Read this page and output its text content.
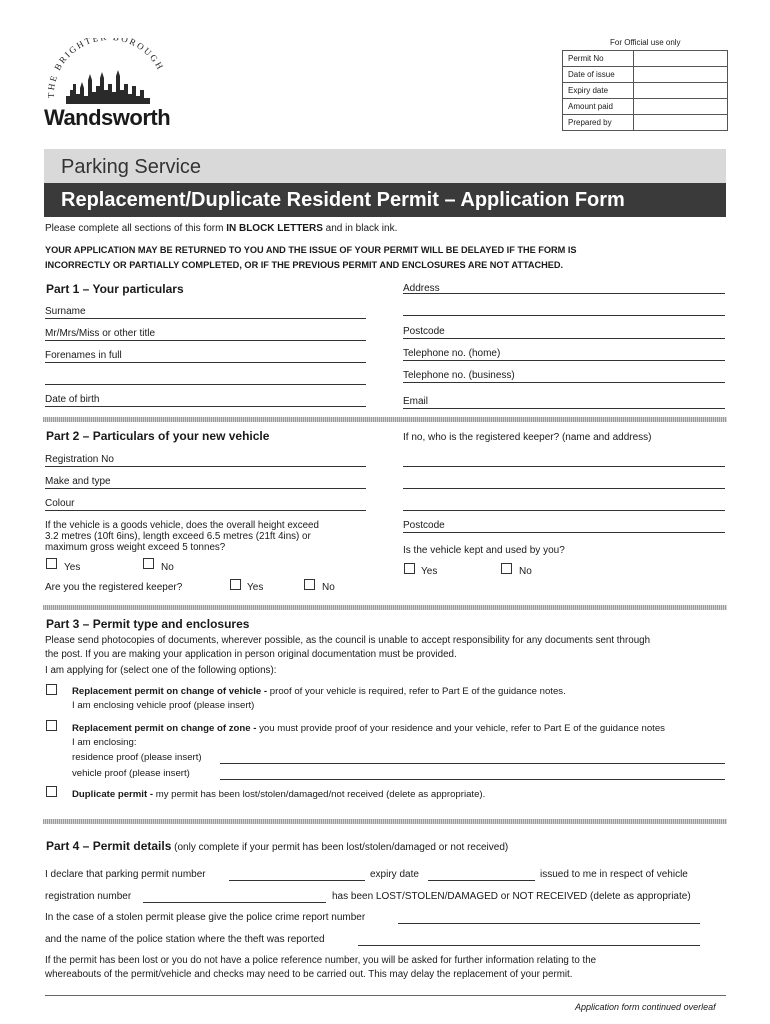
THE BRIGHTE OROUGH
Wandsworth
For Official use only
Permit No	
Date of issue	
Expiry date	
Amount paid	
Prepared by	
Parking Service
Replacement/Duplicate Resident Permit – Application Form
Please complete all sections of this form IN BLOCK LETTERS and in black ink.
YOUR APPLICATION MAY BE RETURNED TO YOU AND THE ISSUE OF YOUR PERMIT WILL BE DELAYED IF THE FORM IS
INCORRECTLY OR PARTIALLY COMPLETED, OR IF THE PREVIOUS PERMIT AND ENCLOSURES ARE NOT ATTACHED.
Part 1 – Your particulars
Surname
Mr/Mrs/Miss or other title
Forenames in full
Date of birth
Address
Postcode
Telephone no. (home)
Telephone no. (business)
Email
Part 2 – Particulars of your new vehicle
Registration No
Make and type
Colour
If the vehicle is a goods vehicle, does the overall height exceed
3.2 metres (10ft 6ins), length exceed 6.5 metres (21ft 4ins) or
maximum gross weight exceed 5 tonnes?
Yes	No
Are you the registered keeper?	Yes	No
If no, who is the registered keeper? (name and address)
Postcode
Is the vehicle kept and used by you?
Yes	No
Part 3 – Permit type and enclosures
Please send photocopies of documents, wherever possible, as the council is unable to accept responsibility for any documents sent through
the post. If you are making your application in person original documentation must be provided.
I am applying for (select one of the following options):
Replacement permit on change of vehicle - proof of your vehicle is required, refer to Part E of the guidance notes.
I am enclosing vehicle proof (please insert)
Replacement permit on change of zone - you must provide proof of your residence and your vehicle, refer to Part E of the guidance notes
I am enclosing:
residence proof (please insert)
vehicle proof (please insert)
Duplicate permit - my permit has been lost/stolen/damaged/not received (delete as appropriate).
Part 4 – Permit details (only complete if your permit has been lost/stolen/damaged or not received)
I declare that parking permit number	expiry date	issued to me in respect of vehicle
registration number	has been LOST/STOLEN/DAMAGED or NOT RECEIVED (delete as appropriate)
In the case of a stolen permit please give the police crime report number
and the name of the police station where the theft was reported
If the permit has been lost or you do not have a police reference number, you will be asked for further information relating to the
whereabouts of the permit/vehicle and checks may need to be carried out. This may delay the replacement of your permit.
Application form continued overleaf
